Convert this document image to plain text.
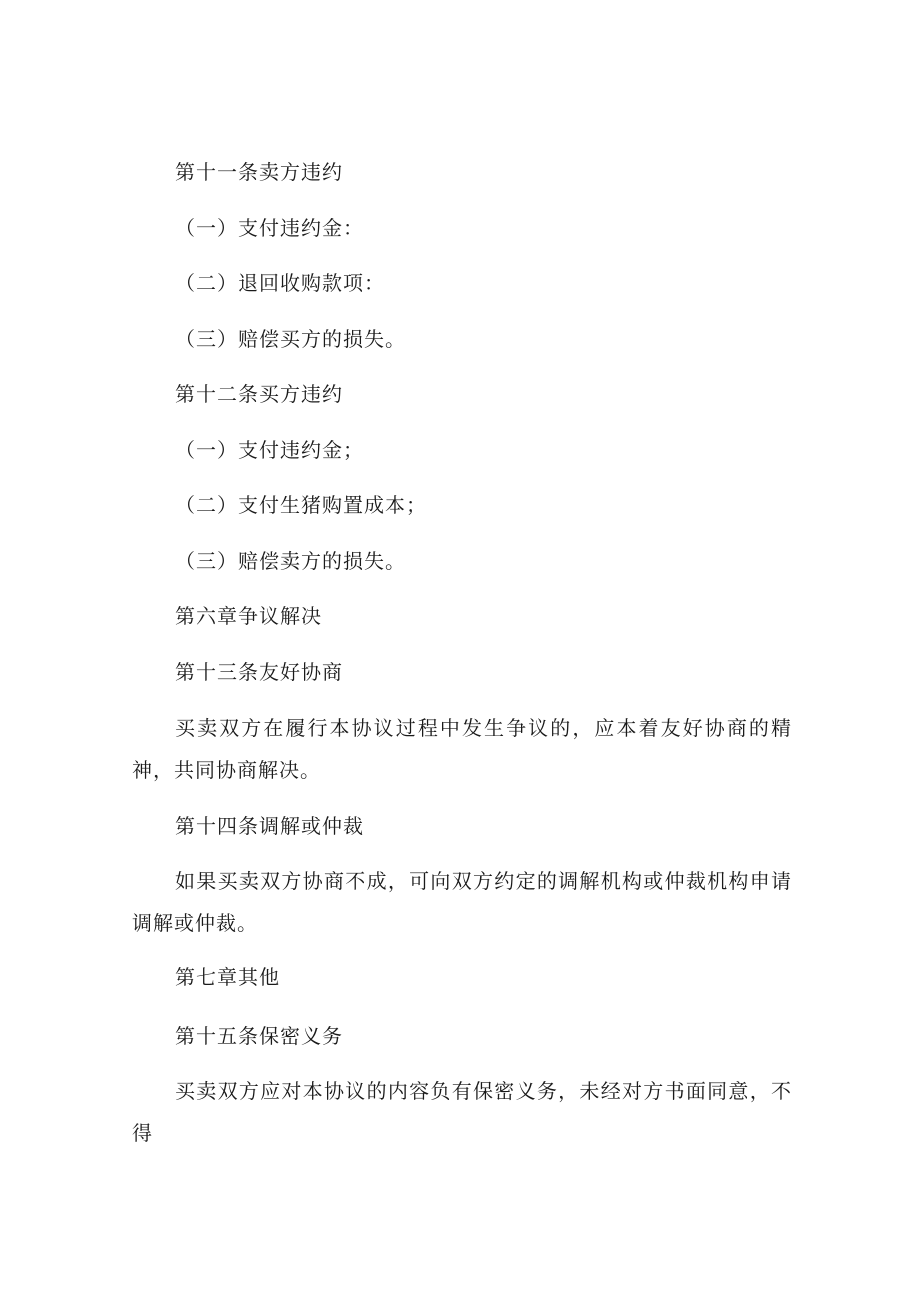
第十一条卖方违约
（一）支付违约金：
（二）退回收购款项：
（三）赔偿买方的损失。
第十二条买方违约
（一）支付违约金；
（二）支付生猪购置成本；
（三）赔偿卖方的损失。
第六章争议解决
第十三条友好协商
买卖双方在履行本协议过程中发生争议的，应本着友好协商的精神，共同协商解决。
第十四条调解或仲裁
如果买卖双方协商不成，可向双方约定的调解机构或仲裁机构申请调解或仲裁。
第七章其他
第十五条保密义务
买卖双方应对本协议的内容负有保密义务，未经对方书面同意，不得
